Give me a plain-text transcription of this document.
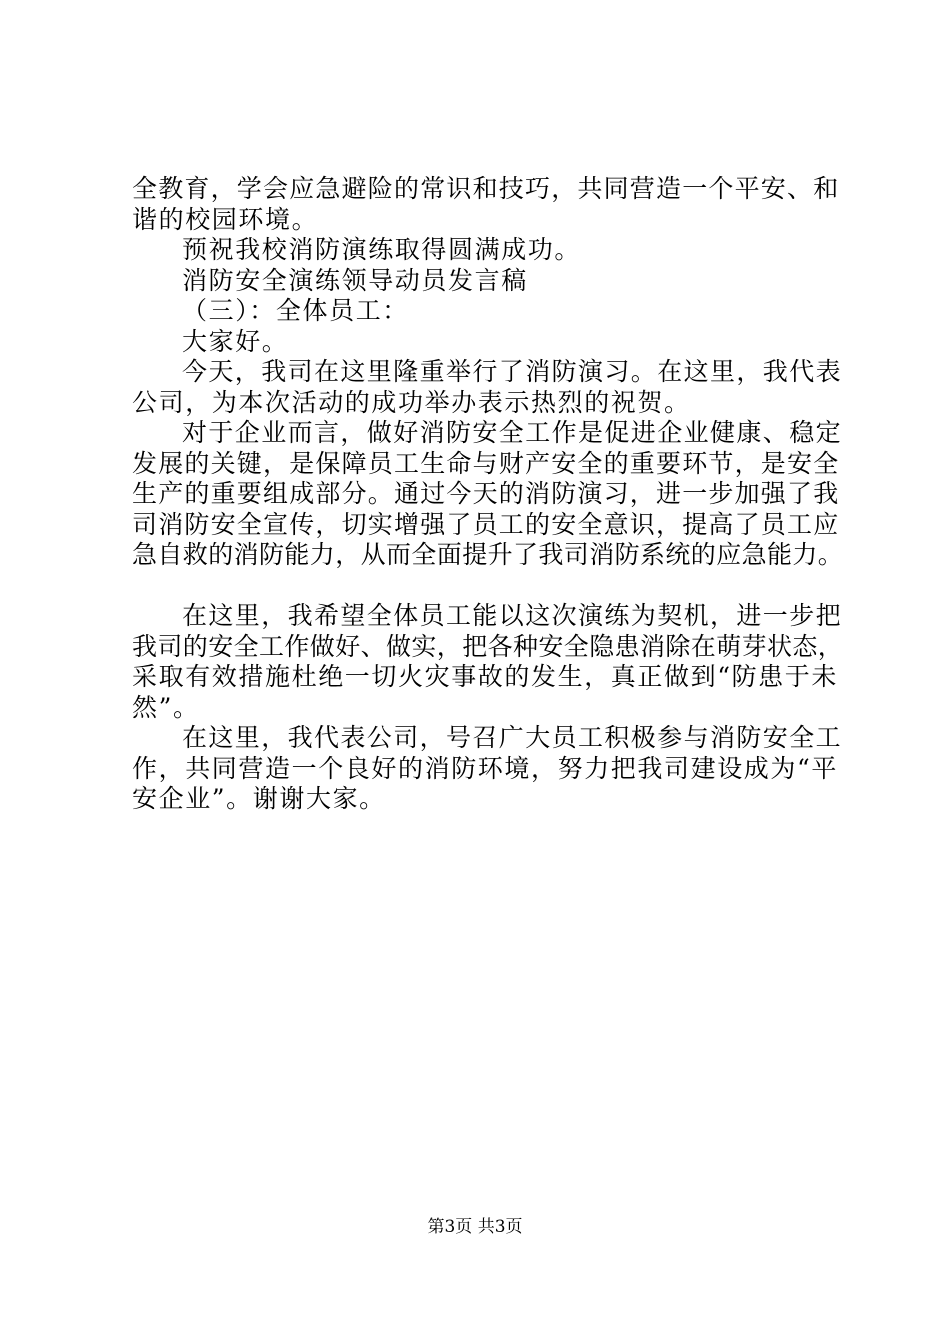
全教育，学会应急避险的常识和技巧，共同营造一个平安、和
谐的校园环境。
预祝我校消防演练取得圆满成功。
消防安全演练领导动员发言稿
（三）：全体员工：
大家好。
今天，我司在这里隆重举行了消防演习。在这里，我代表
公司，为本次活动的成功举办表示热烈的祝贺。
对于企业而言，做好消防安全工作是促进企业健康、稳定
发展的关键，是保障员工生命与财产安全的重要环节，是安全
生产的重要组成部分。通过今天的消防演习，进一步加强了我
司消防安全宣传，切实增强了员工的安全意识，提高了员工应
急自救的消防能力，从而全面提升了我司消防系统的应急能力。
在这里，我希望全体员工能以这次演练为契机，进一步把
我司的安全工作做好、做实，把各种安全隐患消除在萌芽状态，
采取有效措施杜绝一切火灾事故的发生，真正做到“防患于未
然”。
在这里，我代表公司，号召广大员工积极参与消防安全工
作，共同营造一个良好的消防环境，努力把我司建设成为“平
安企业”。谢谢大家。
第3页 共3页
